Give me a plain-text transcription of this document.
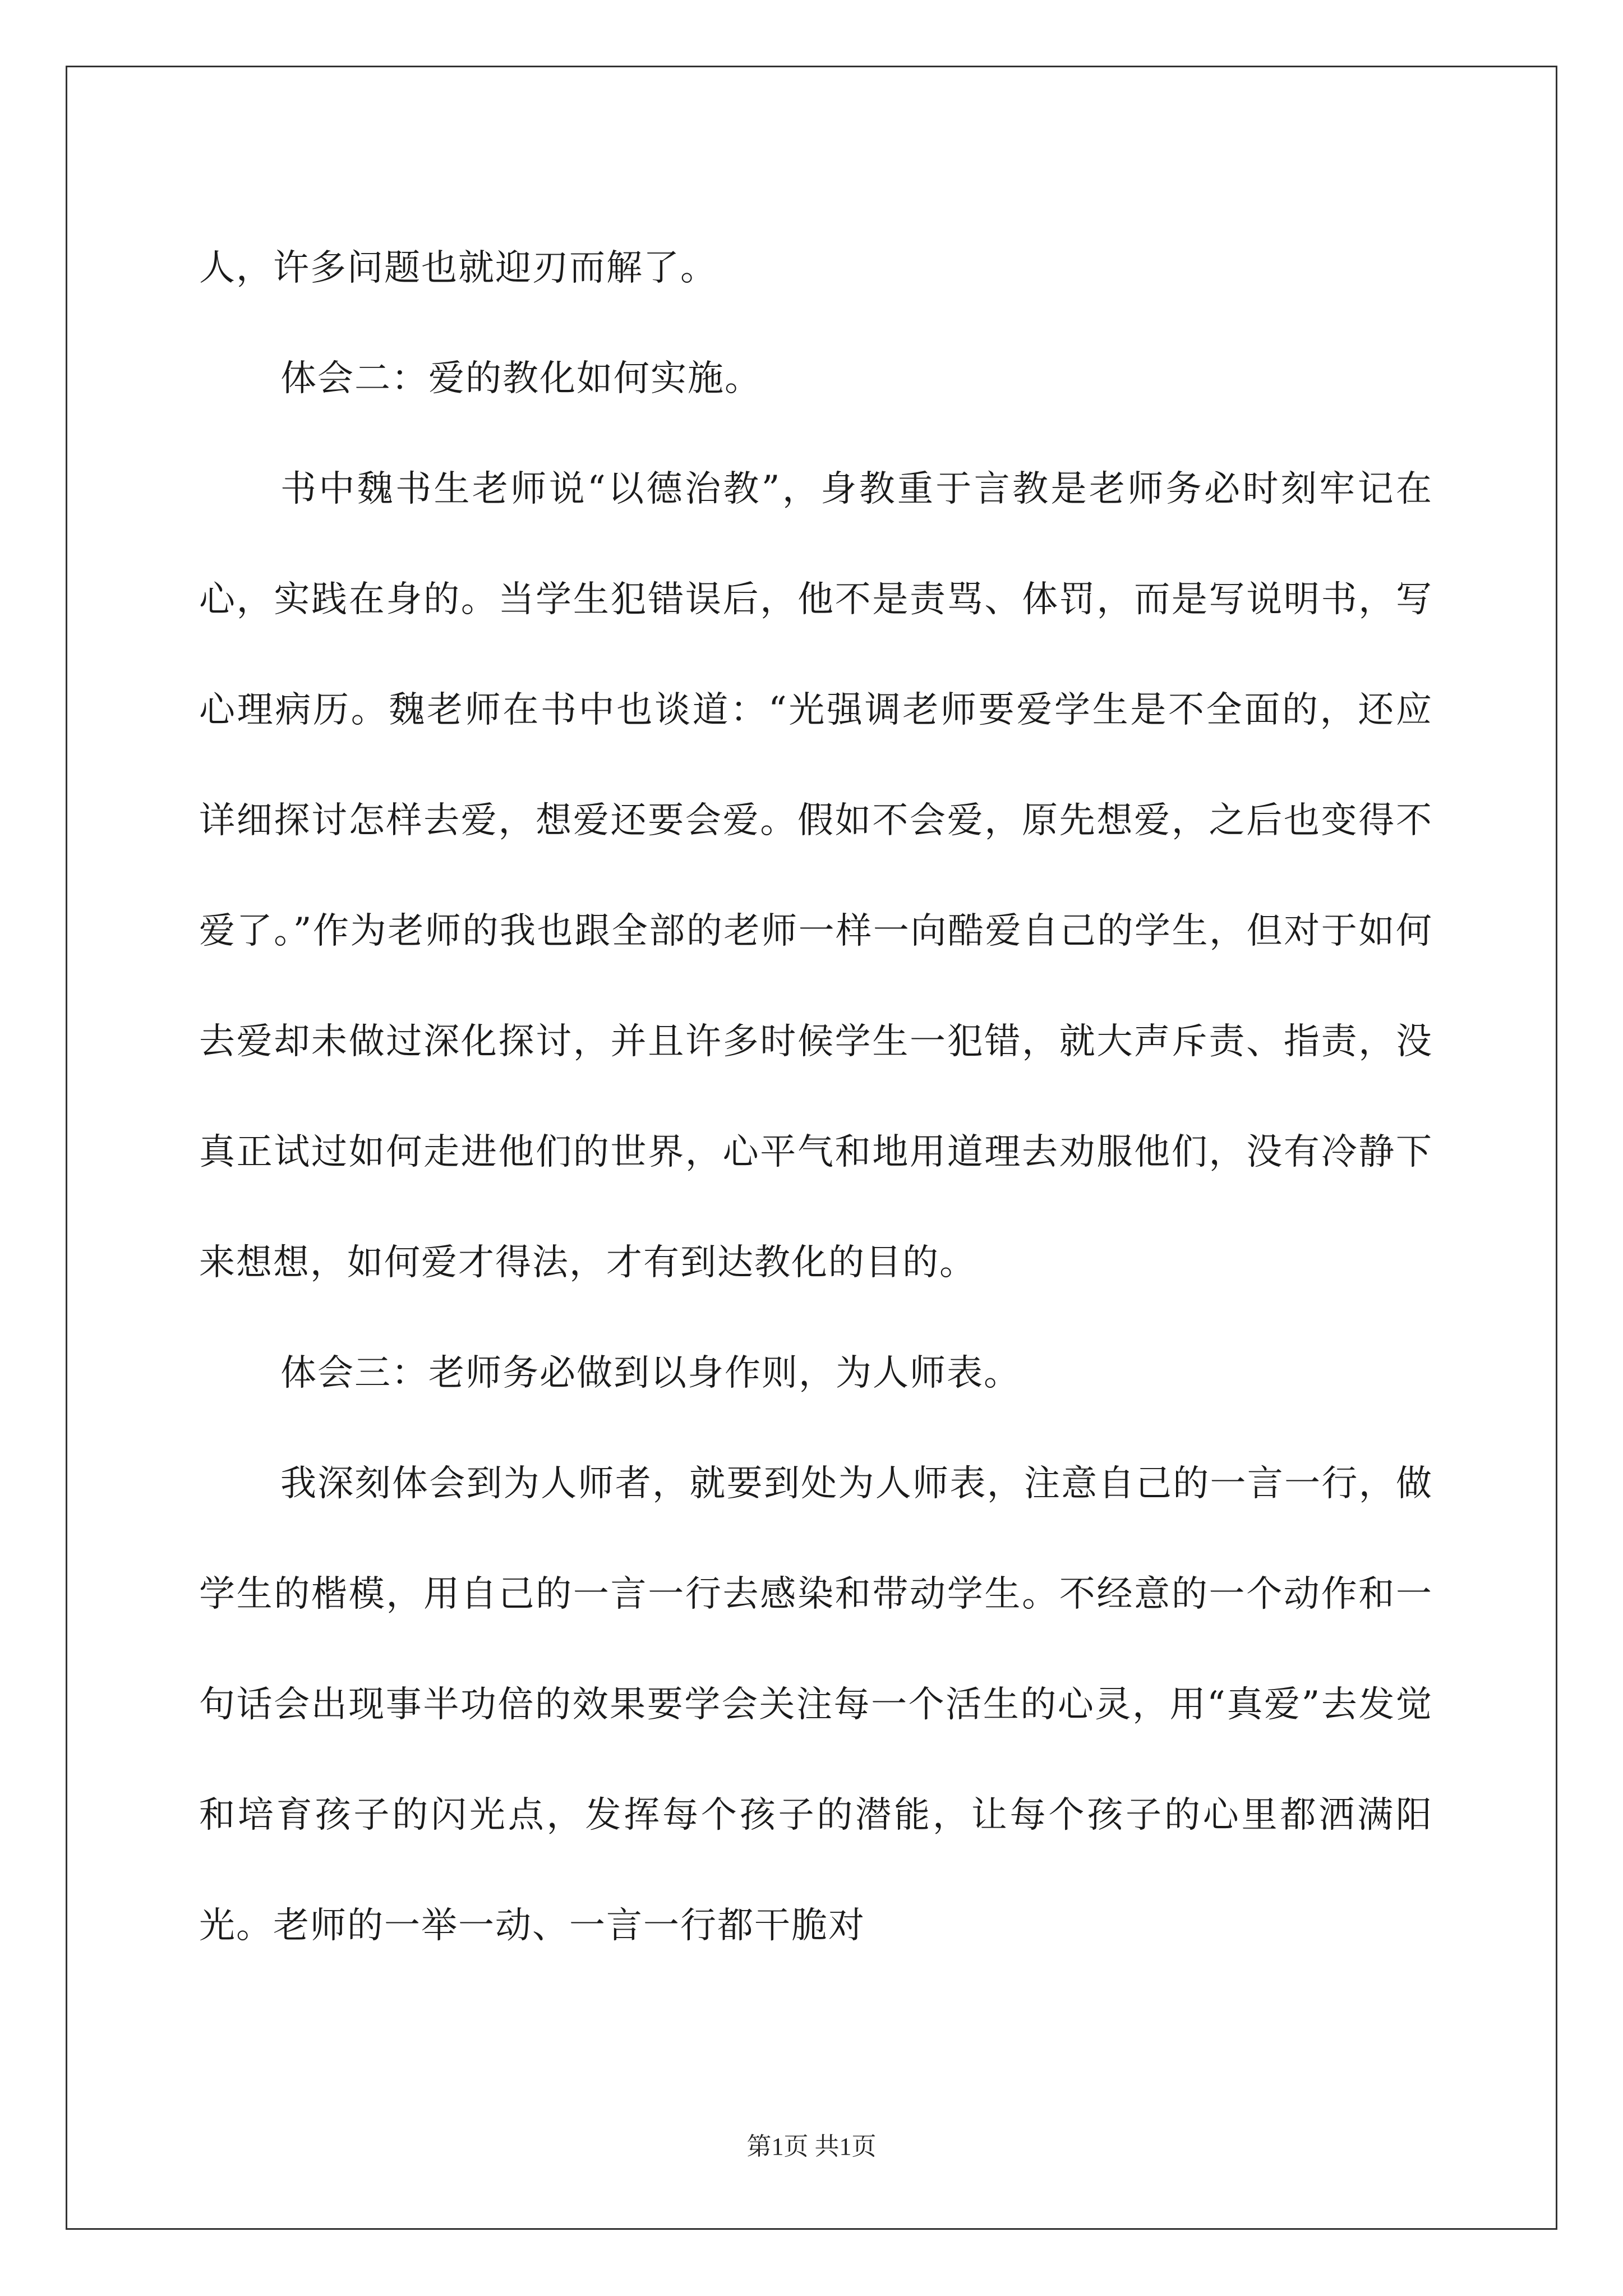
人，许多问题也就迎刃而解了。

体会二：爱的教化如何实施。

书中魏书生老师说“以德治教”，身教重于言教是老师务必时刻牢记在心，实践在身的。当学生犯错误后，他不是责骂、体罚，而是写说明书，写心理病历。魏老师在书中也谈道：“光强调老师要爱学生是不全面的，还应详细探讨怎样去爱，想爱还要会爱。假如不会爱，原先想爱，之后也变得不爱了。”作为老师的我也跟全部的老师一样一向酷爱自己的学生，但对于如何去爱却未做过深化探讨，并且许多时候学生一犯错，就大声斥责、指责，没真正试过如何走进他们的世界，心平气和地用道理去劝服他们，没有冷静下来想想，如何爱才得法，才有到达教化的目的。

体会三：老师务必做到以身作则，为人师表。

我深刻体会到为人师者，就要到处为人师表，注意自己的一言一行，做学生的楷模，用自己的一言一行去感染和带动学生。不经意的一个动作和一句话会出现事半功倍的效果要学会关注每一个活生的心灵，用“真爱”去发觉和培育孩子的闪光点，发挥每个孩子的潜能，让每个孩子的心里都洒满阳光。老师的一举一动、一言一行都干脆对

第1页 共1页
